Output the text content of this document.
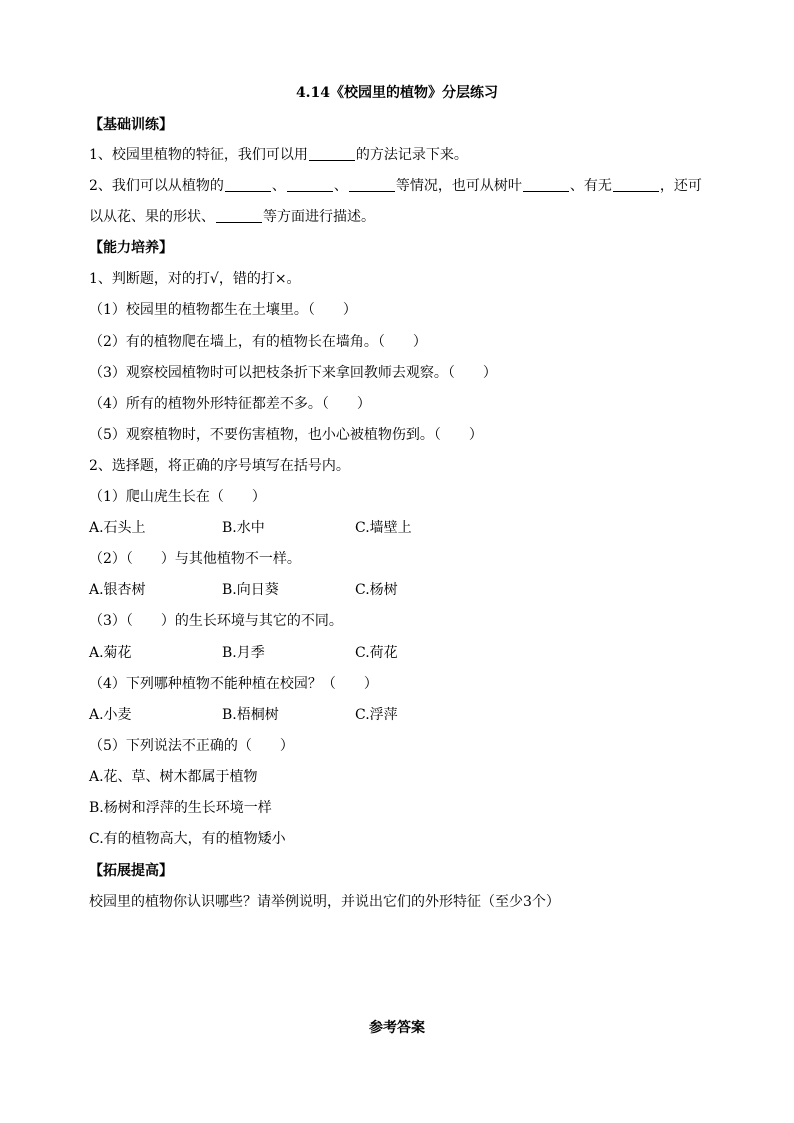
4.14《校园里的植物》分层练习
【基础训练】
1、校园里植物的特征，我们可以用	的方法记录下来。
2、我们可以从植物的	、	、	等情况，也可从树叶	、有无	，还可
以从花、果的形状、	等方面进行描述。
【能力培养】
1、判断题，对的打√，错的打×。
（1）校园里的植物都生在土壤里。（　　）
（2）有的植物爬在墙上，有的植物长在墙角。（　　）
（3）观察校园植物时可以把枝条折下来拿回教师去观察。（　　）
（4）所有的植物外形特征都差不多。（　　）
（5）观察植物时，不要伤害植物，也小心被植物伤到。（　　）
2、选择题，将正确的序号填写在括号内。
（1）爬山虎生长在（　　）
A.石头上	B.水中	C.墙壁上
（2）（　　）与其他植物不一样。
A.银杏树	B.向日葵	C.杨树
（3）（　　）的生长环境与其它的不同。
A.菊花	B.月季	C.荷花
（4）下列哪种植物不能种植在校园？（　　）
A.小麦	B.梧桐树	C.浮萍
（5）下列说法不正确的（　　）
A.花、草、树木都属于植物
B.杨树和浮萍的生长环境一样
C.有的植物高大，有的植物矮小
【拓展提高】
校园里的植物你认识哪些？请举例说明，并说出它们的外形特征（至少3个）
参考答案
